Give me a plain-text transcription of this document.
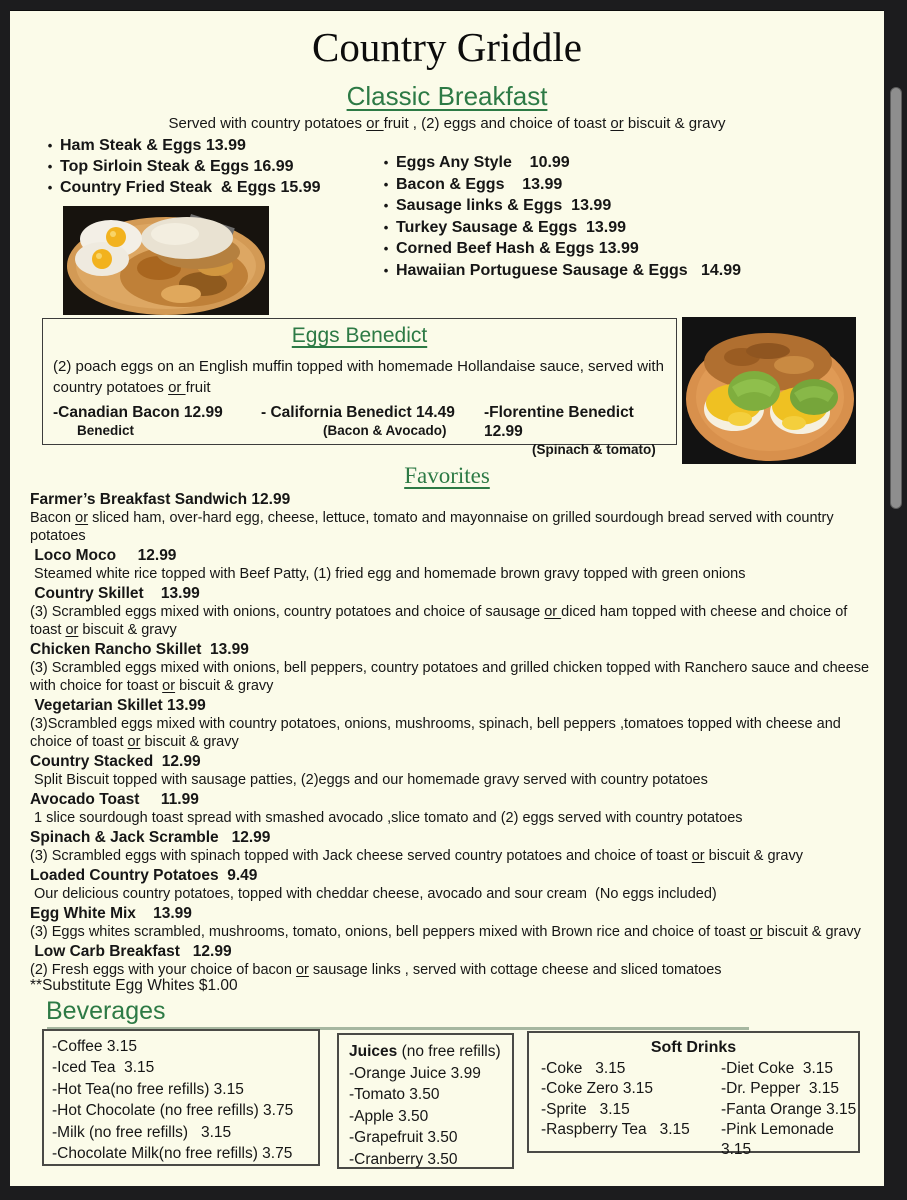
Country Griddle
Classic Breakfast
Served with country potatoes or fruit , (2) eggs and choice of toast or biscuit & gravy
• Ham Steak & Eggs 13.99
• Top Sirloin Steak & Eggs 16.99
• Country Fried Steak  & Eggs 15.99
• Eggs Any Style    10.99
• Bacon & Eggs    13.99
• Sausage links & Eggs  13.99
• Turkey Sausage & Eggs  13.99
• Corned Beef Hash & Eggs 13.99
• Hawaiian Portuguese Sausage & Eggs   14.99
Eggs Benedict
(2) poach eggs on an English muffin topped with homemade Hollandaise sauce, served with country potatoes or fruit
-Canadian Bacon 12.99
Benedict
- California Benedict 14.49
(Bacon & Avocado)
-Florentine Benedict 12.99
(Spinach & tomato)
Favorites
Farmer’s Breakfast Sandwich 12.99
Bacon or sliced ham, over-hard egg, cheese, lettuce, tomato and mayonnaise on grilled sourdough bread served with country potatoes
Loco Moco     12.99
Steamed white rice topped with Beef Patty, (1) fried egg and homemade brown gravy topped with green onions
Country Skillet    13.99
(3) Scrambled eggs mixed with onions, country potatoes and choice of sausage or diced ham topped with cheese and choice of toast or biscuit & gravy
Chicken Rancho Skillet  13.99
(3) Scrambled eggs mixed with onions, bell peppers, country potatoes and grilled chicken topped with Ranchero sauce and cheese with choice for toast or biscuit & gravy
Vegetarian Skillet 13.99
(3)Scrambled eggs mixed with country potatoes, onions, mushrooms, spinach, bell peppers ,tomatoes topped with cheese and choice of toast or biscuit & gravy
Country Stacked  12.99
Split Biscuit topped with sausage patties, (2)eggs and our homemade gravy served with country potatoes
Avocado Toast     11.99
1 slice sourdough toast spread with smashed avocado ,slice tomato and (2) eggs served with country potatoes
Spinach & Jack Scramble   12.99
(3) Scrambled eggs with spinach topped with Jack cheese served country potatoes and choice of toast or biscuit & gravy
Loaded Country Potatoes  9.49
Our delicious country potatoes, topped with cheddar cheese, avocado and sour cream  (No eggs included)
Egg White Mix    13.99
(3) Eggs whites scrambled, mushrooms, tomato, onions, bell peppers mixed with Brown rice and choice of toast or biscuit & gravy
Low Carb Breakfast   12.99
(2) Fresh eggs with your choice of bacon or sausage links , served with cottage cheese and sliced tomatoes
**Substitute Egg Whites $1.00
Beverages
-Coffee 3.15
-Iced Tea  3.15
-Hot Tea(no free refills) 3.15
-Hot Chocolate (no free refills) 3.75
-Milk (no free refills)   3.15
-Chocolate Milk(no free refills) 3.75
Juices (no free refills)
-Orange Juice 3.99
-Tomato 3.50
-Apple 3.50
-Grapefruit 3.50
-Cranberry 3.50
Soft Drinks
-Coke   3.15
-Coke Zero 3.15
-Sprite   3.15
-Raspberry Tea   3.15
-Diet Coke  3.15
-Dr. Pepper  3.15
-Fanta Orange 3.15
-Pink Lemonade  3.15
